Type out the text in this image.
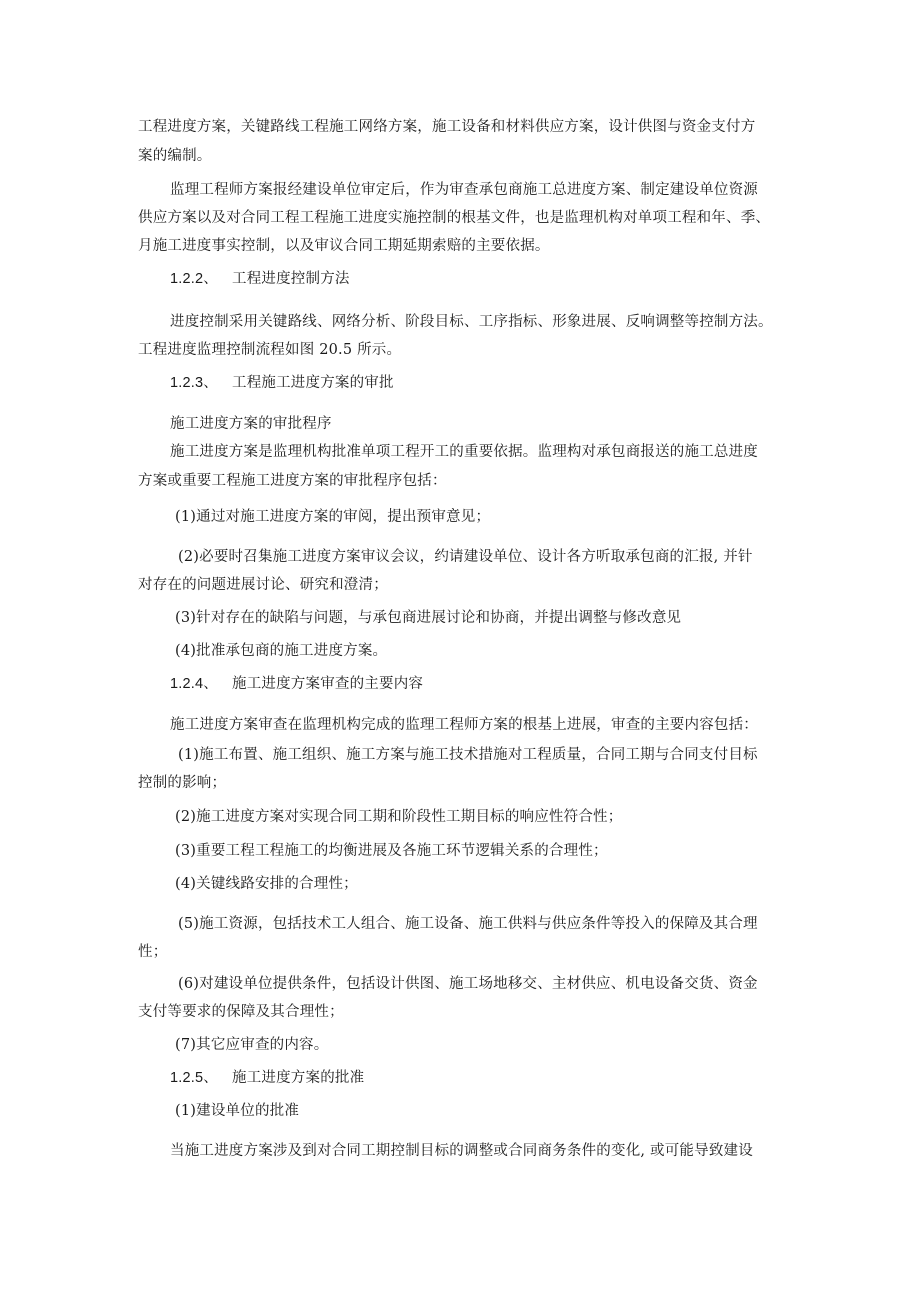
工程进度方案，关键路线工程施工网络方案，施工设备和材料供应方案，设计供图与资金支付方
案的编制。
监理工程师方案报经建设单位审定后，作为审查承包商施工总进度方案、制定建设单位资源
供应方案以及对合同工程工程施工进度实施控制的根基文件，也是监理机构对单项工程和年、季、
月施工进度事实控制，以及审议合同工期延期索赔的主要依据。
1.2.2、 工程进度控制方法
进度控制采用关键路线、网络分析、阶段目标、工序指标、形象进展、反响调整等控制方法。
工程进度监理控制流程如图 20.5 所示。
1.2.3、 工程施工进度方案的审批
施工进度方案的审批程序
施工进度方案是监理机构批准单项工程开工的重要依据。监理构对承包商报送的施工总进度
方案或重要工程施工进度方案的审批程序包括：
(1)通过对施工进度方案的审阅，提出预审意见；
(2)必要时召集施工进度方案审议会议，约请建设单位、设计各方听取承包商的汇报, 并针
对存在的问题进展讨论、研究和澄清；
(3)针对存在的缺陷与问题，与承包商进展讨论和协商，并提出调整与修改意见
(4)批准承包商的施工进度方案。
1.2.4、 施工进度方案审查的主要内容
施工进度方案审查在监理机构完成的监理工程师方案的根基上进展，审查的主要内容包括：
(1)施工布置、施工组织、施工方案与施工技术措施对工程质量，合同工期与合同支付目标
控制的影响；
(2)施工进度方案对实现合同工期和阶段性工期目标的响应性符合性；
(3)重要工程工程施工的均衡进展及各施工环节逻辑关系的合理性；
(4)关键线路安排的合理性；
(5)施工资源，包括技术工人组合、施工设备、施工供料与供应条件等投入的保障及其合理
性；
(6)对建设单位提供条件，包括设计供图、施工场地移交、主材供应、机电设备交货、资金
支付等要求的保障及其合理性；
(7)其它应审查的内容。
1.2.5、 施工进度方案的批准
(1)建设单位的批准
当施工进度方案涉及到对合同工期控制目标的调整或合同商务条件的变化, 或可能导致建设
